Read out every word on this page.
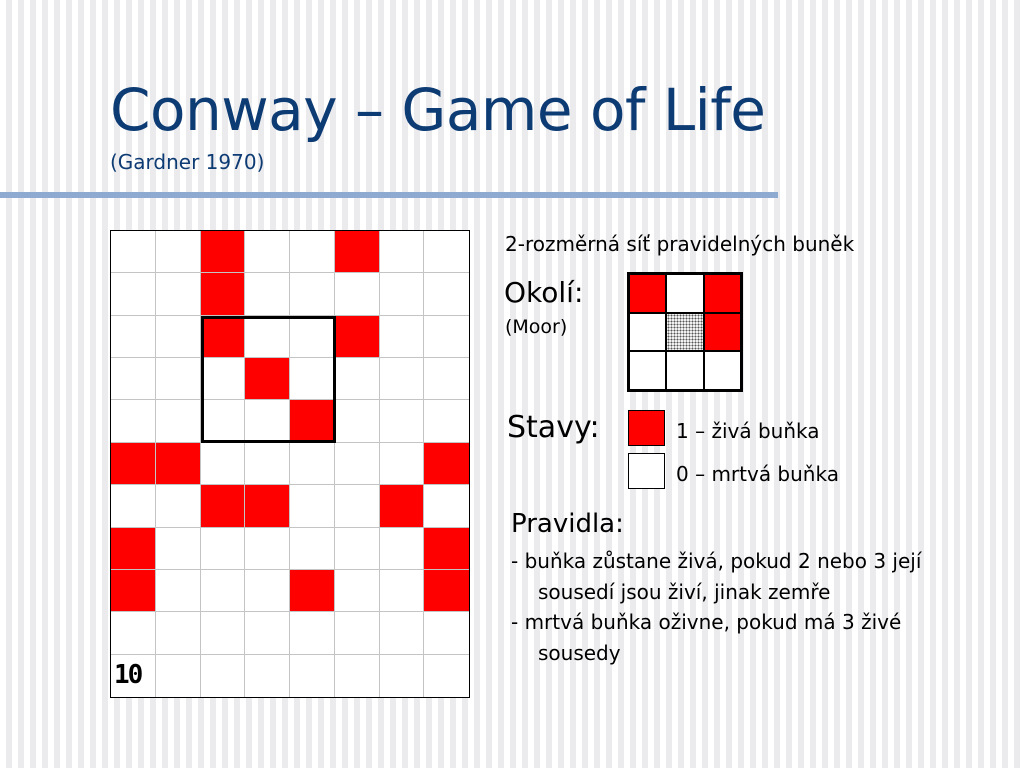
Conway – Game of Life
(Gardner 1970)
10
2-rozměrná síť pravidelných buněk
Okolí:
(Moor)
Stavy:	1 – živá buňka
0 – mrtvá buňka
Pravidla:
- buňka zůstane živá, pokud 2 nebo 3 její sousedí jsou živí, jinak zemře
- mrtvá buňka oživne, pokud má 3 živé sousedy
